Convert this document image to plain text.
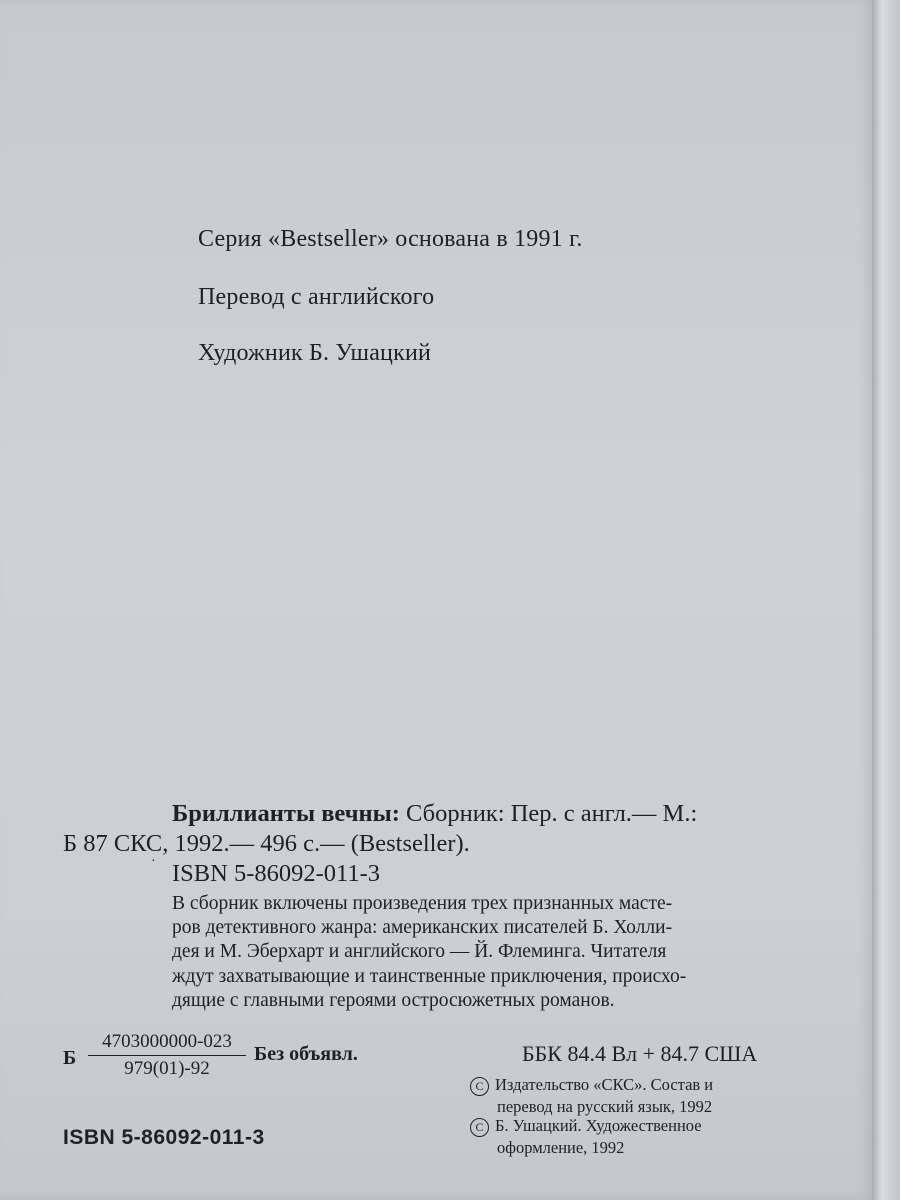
Серия «Bestseller» основана в 1991 г.
Перевод с английского
Художник Б. Ушацкий
Бриллианты вечны: Сборник: Пер. с англ.— М.:
Б 87 СКС, 1992.— 496 с.— (Bestseller).
· ISBN 5-86092-011-3

В сборник включены произведения трех признанных масте-

ров детективного жанра: американских писателей Б. Холли-

дея и М. Эберхарт и английского — Й. Флеминга. Читателя

ждут захватывающие и таинственные приключения, происхо-

дящие с главными героями остросюжетных романов.

Б $\frac{4703000000-023}{979(01)-92}$ Без объявл.	ББК 84.4 Вл + 84.7 США
C Издательство «СКС». Состав и
перевод на русский язык, 1992
C Б. Ушацкий. Художественное
оформление, 1992
ISBN 5-86092-011-3
